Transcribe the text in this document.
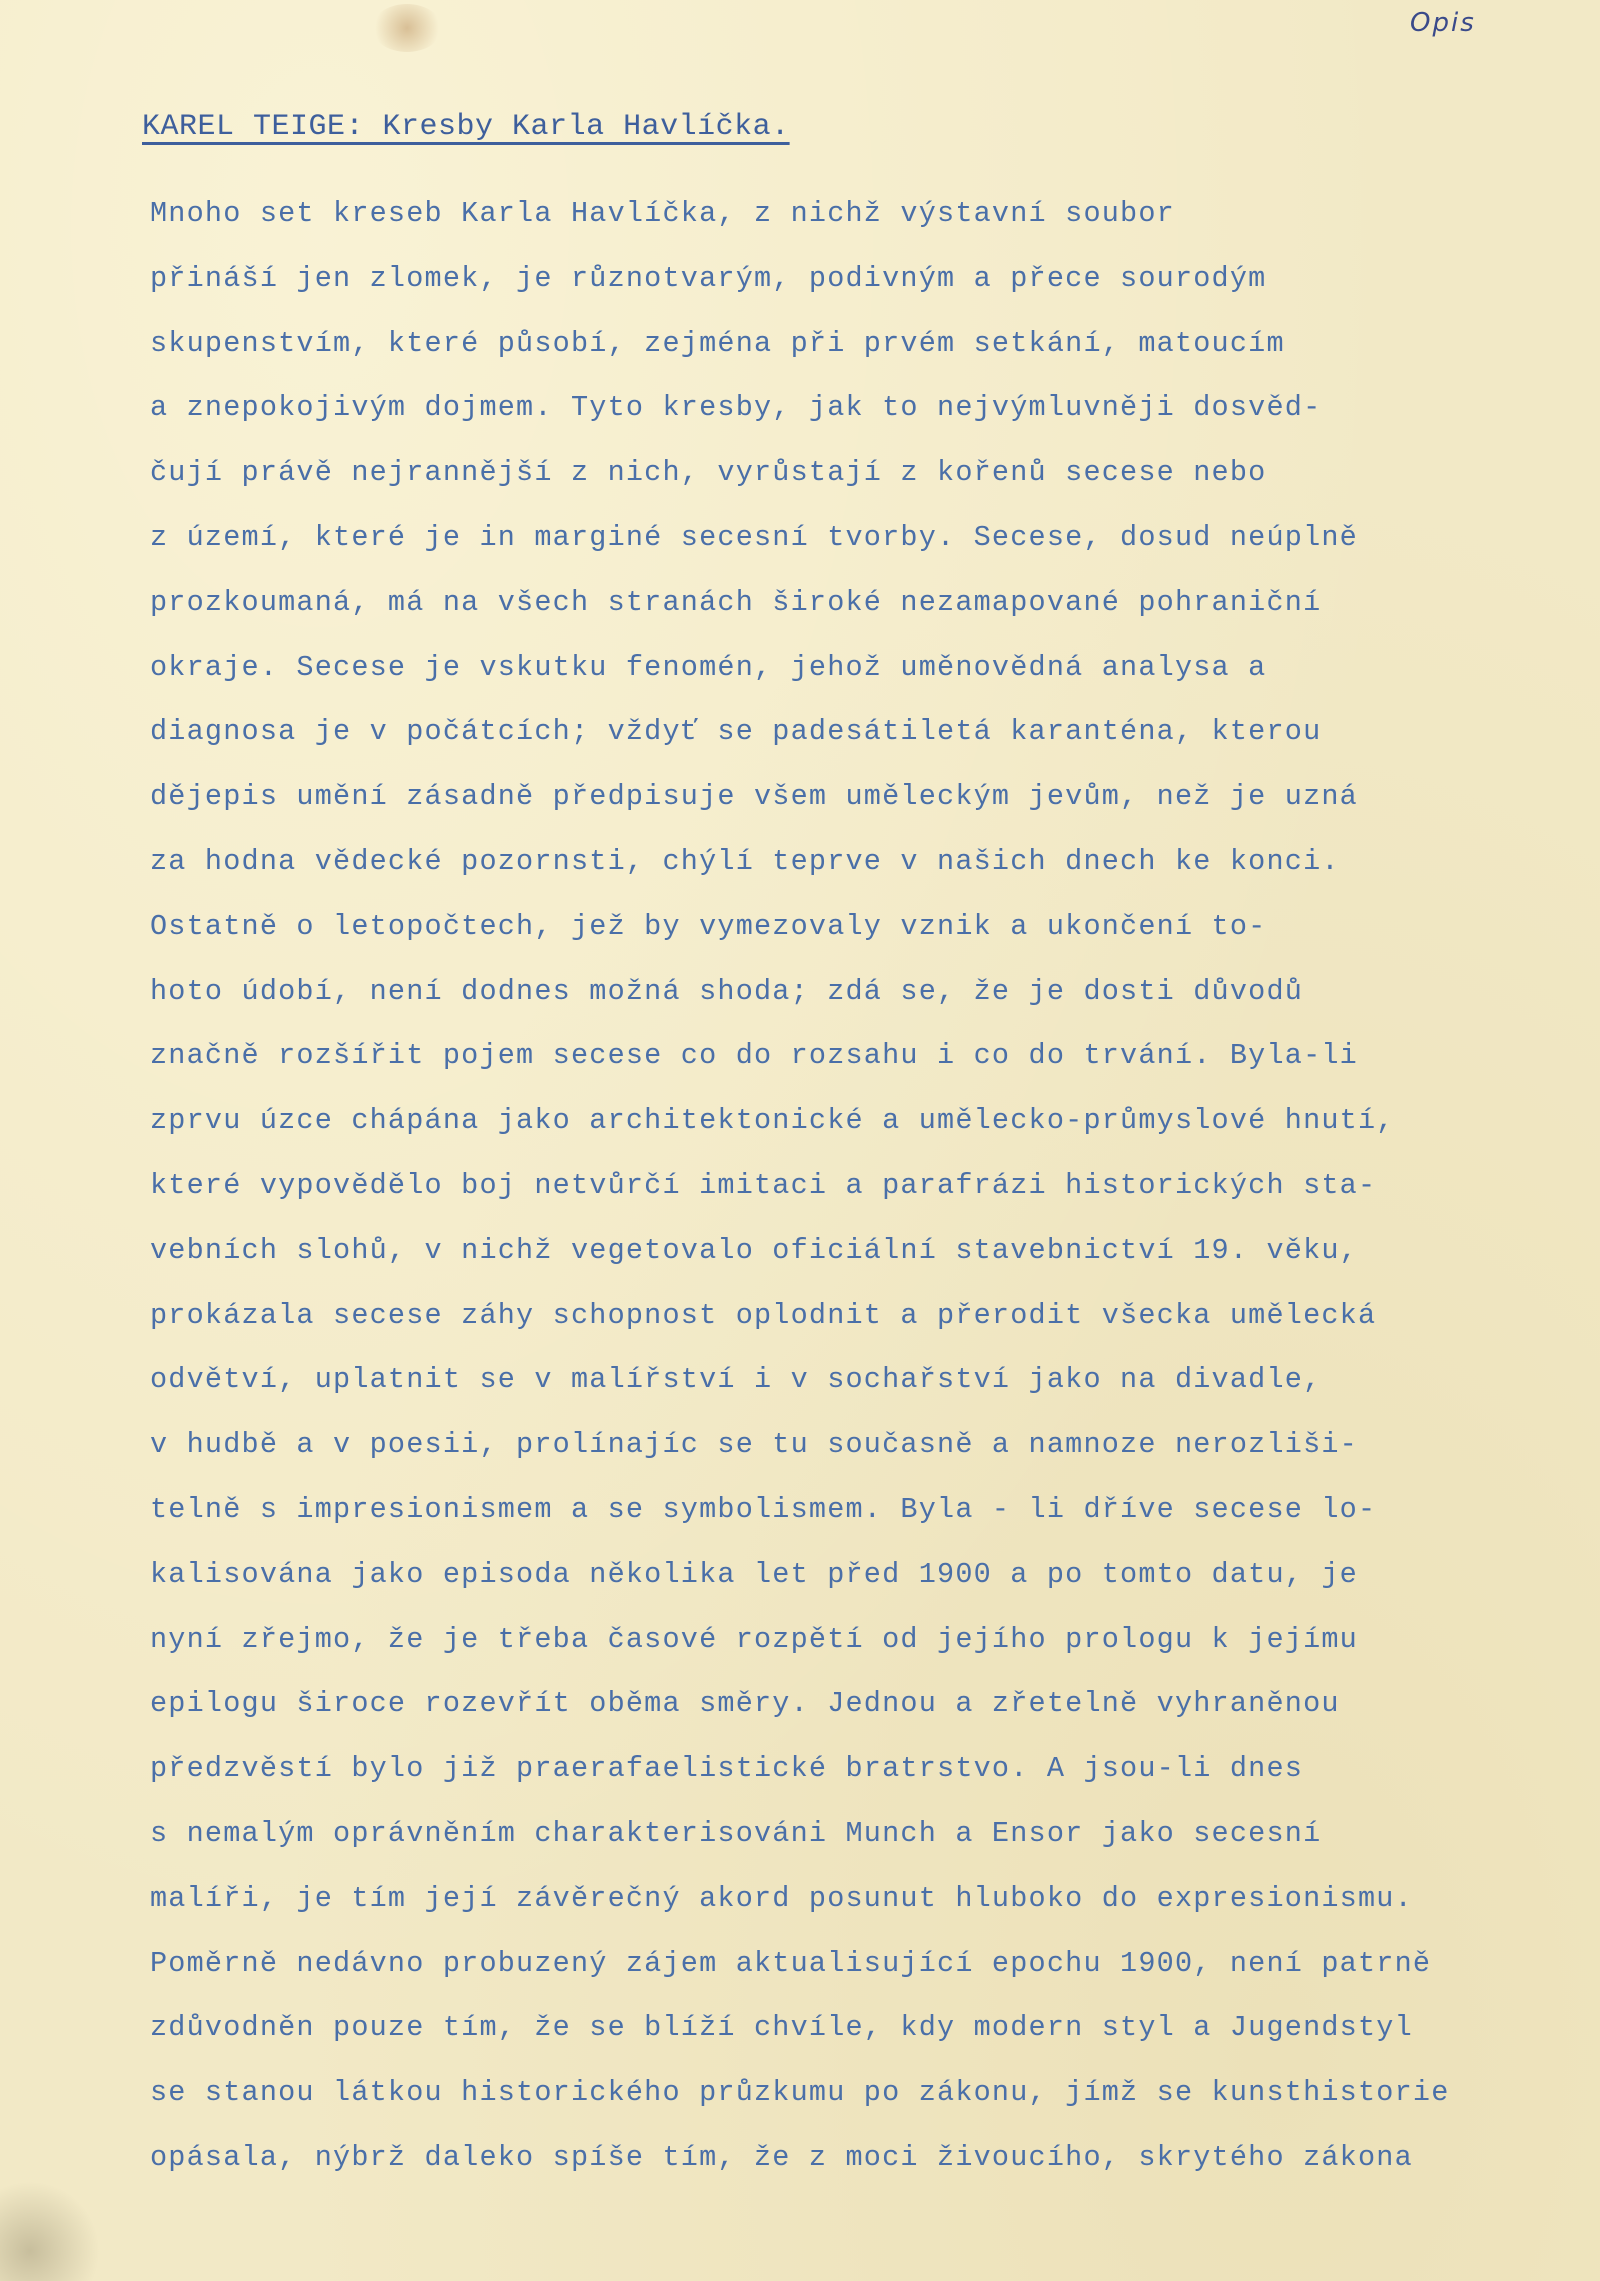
Opis
KAREL TEIGE: Kresby Karla Havlíčka.
Mnoho set kreseb Karla Havlíčka, z nichž výstavní soubor
přináší jen zlomek, je různotvarým, podivným a přece sourodým
skupenstvím, které působí, zejména při prvém setkání, matoucím
a znepokojivým dojmem. Tyto kresby, jak to nejvýmluvněji dosvěd-
čují právě nejrannější z nich, vyrůstají z kořenů secese nebo
z území, které je in marginé secesní tvorby. Secese, dosud neúplně
prozkoumaná, má na všech stranách široké nezamapované pohraniční
okraje. Secese je vskutku fenomén, jehož uměnovědná analysa a
diagnosa je v počátcích; vždyť se padesátiletá karanténa, kterou
dějepis umění zásadně předpisuje všem uměleckým jevům, než je uzná
za hodna vědecké pozornsti, chýlí teprve v našich dnech ke konci.
Ostatně o letopočtech, jež by vymezovaly vznik a ukončení to-
hoto údobí, není dodnes možná shoda; zdá se, že je dosti důvodů
značně rozšířit pojem secese co do rozsahu i co do trvání. Byla-li
zprvu úzce chápána jako architektonické a umělecko-průmyslové hnutí,
které vypovědělo boj netvůrčí imitaci a parafrázi historických sta-
vebních slohů, v nichž vegetovalo oficiální stavebnictví 19. věku,
prokázala secese záhy schopnost oplodnit a přerodit všecka umělecká
odvětví, uplatnit se v malířství i v sochařství jako na divadle,
v hudbě a v poesii, prolínajíc se tu současně a namnoze nerozliši-
telně s impresionismem a se symbolismem. Byla - li dříve secese lo-
kalisována jako episoda několika let před 1900 a po tomto datu, je
nyní zřejmo, že je třeba časové rozpětí od jejího prologu k jejímu
epilogu široce rozevřít oběma směry. Jednou a zřetelně vyhraněnou
předzvěstí bylo již praerafaelistické bratrstvo. A jsou-li dnes
s nemalým oprávněním charakterisováni Munch a Ensor jako secesní
malíři, je tím její závěrečný akord posunut hluboko do expresionismu.
Poměrně nedávno probuzený zájem aktualisující epochu 1900, není patrně
zdůvodněn pouze tím, že se blíží chvíle, kdy modern styl a Jugendstyl
se stanou látkou historického průzkumu po zákonu, jímž se kunsthistorie
opásala, nýbrž daleko spíše tím, že z moci živoucího, skrytého zákona
